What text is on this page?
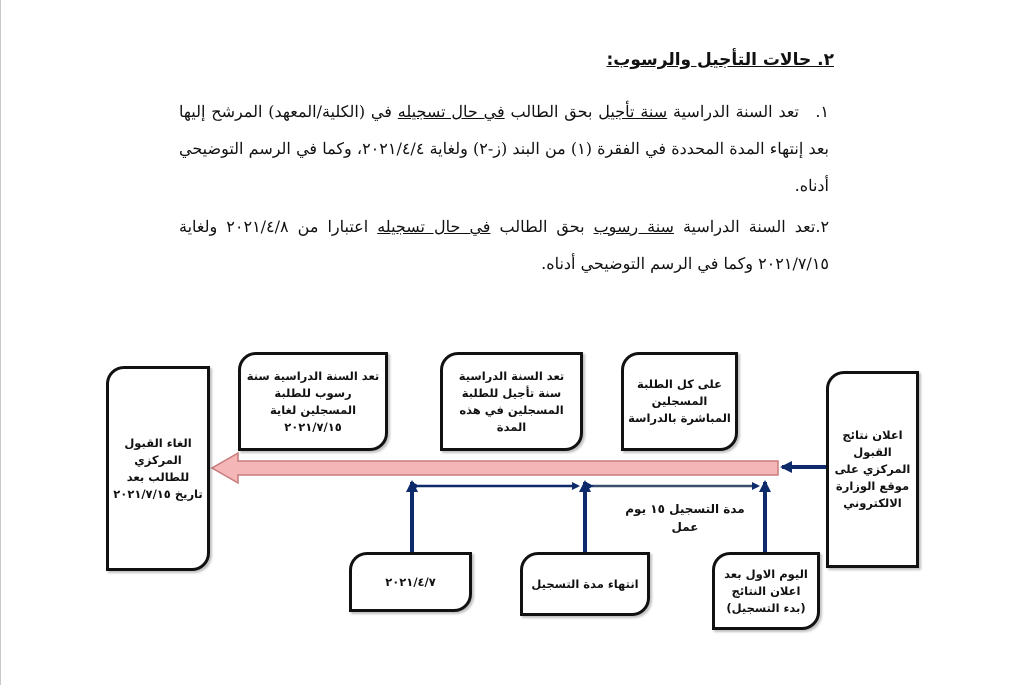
٢. حالات التأجيل والرسوب:
١.تعد السنة الدراسية سنة تأجيل بحق الطالب في حال تسجيله في (الكلية/المعهد) المرشح إليها بعد إنتهاء المدة المحددة في الفقرة (١) من البند (ز-٢) ولغاية ٢٠٢١/٤/٤، وكما في الرسم التوضيحي أدناه.
٢.تعد السنة الدراسية سنة رسوب بحق الطالب في حال تسجيله اعتبارا من ٢٠٢١/٤/٨ ولغاية ٢٠٢١/٧/١٥ وكما في الرسم التوضيحي أدناه.
اعلان نتائج القبول المركزي على موقع الوزارة الالكتروني
الغاء القبول المركزي للطالب بعد تاريخ ٢٠٢١/٧/١٥
على كل الطلبة المسجلين المباشرة بالدراسة
تعد السنة الدراسية سنة تأجيل للطلبة المسجلين في هذه المدة
تعد السنة الدراسية سنة رسوب للطلبة المسجلين لغاية ٢٠٢١/٧/١٥
اليوم الاول بعد اعلان النتائج (بدء التسجيل)
انتهاء مدة التسجيل
٢٠٢١/٤/٧
مدة التسجيل ١٥ يوم عمل
